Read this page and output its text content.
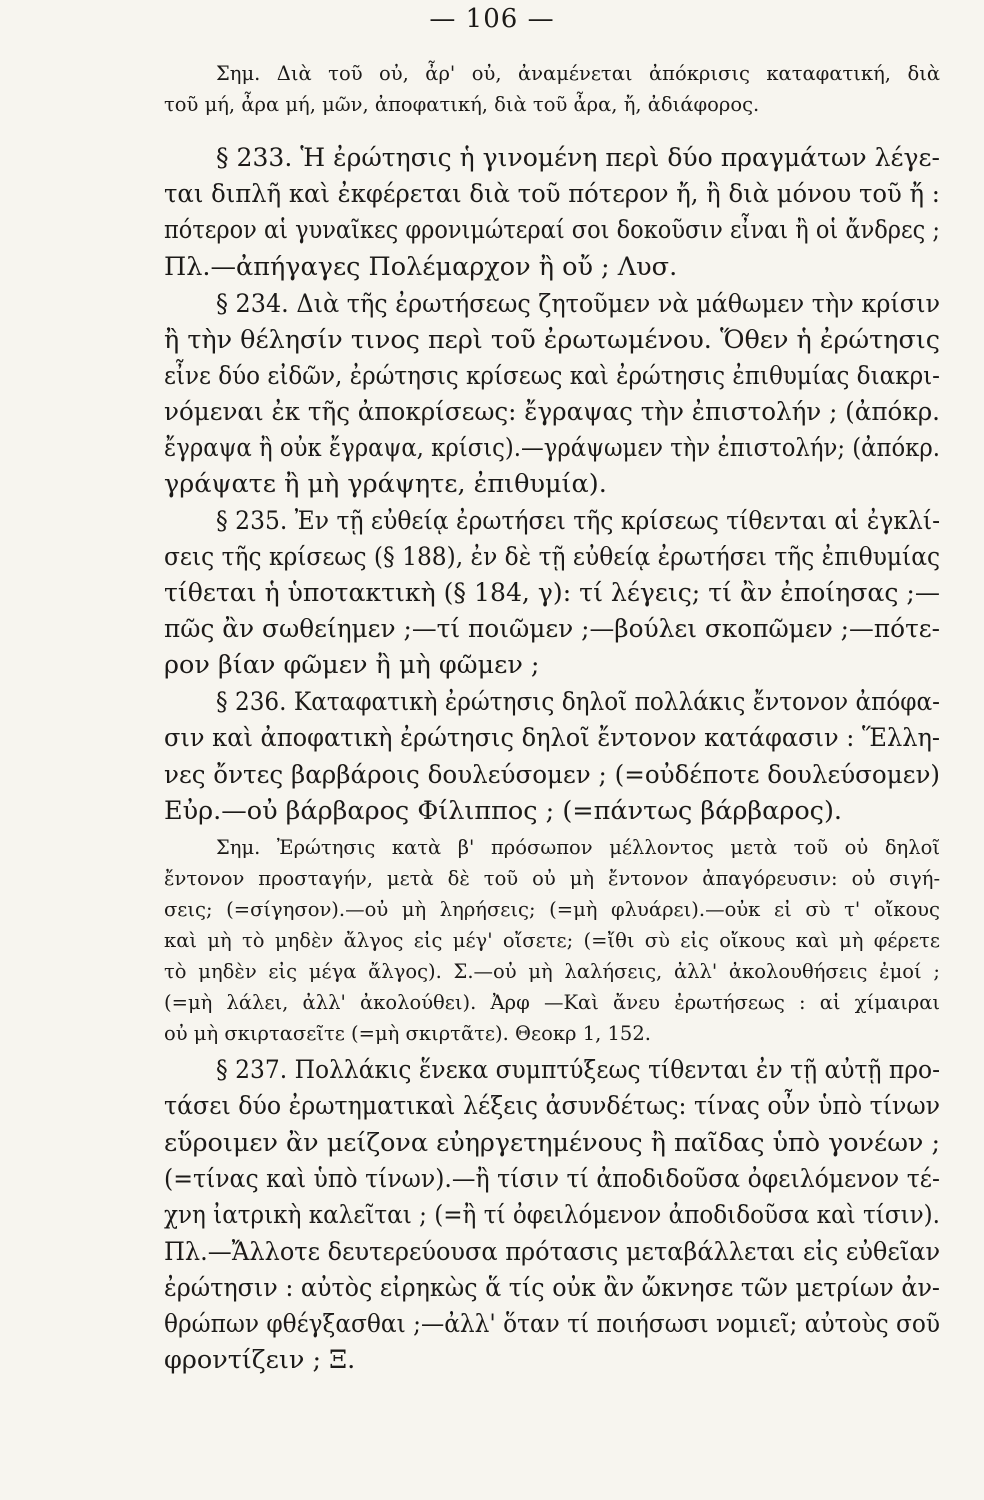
— 106 —
Σημ. Διὰ τοῦ οὐ, ἆρ' οὐ, ἀναμένεται ἀπόκρισις καταφατική, διὰ
τοῦ μή, ἆρα μή, μῶν, ἀποφατική, διὰ τοῦ ἆρα, ἤ, ἀδιάφορος.
§ 233. Ἡ ἐρώτησις ἡ γινομένη περὶ δύο πραγμάτων λέγε-
ται διπλῆ καὶ ἐκφέρεται διὰ τοῦ πότερον ἤ, ἢ διὰ μόνου τοῦ ἤ :
πότερον αἱ γυναῖκες φρονιμώτεραί σοι δοκοῦσιν εἶναι ἢ οἱ ἄνδρες ;
Πλ.—ἀπήγαγες Πολέμαρχον ἢ οὔ ; Λυσ.
§ 234. Διὰ τῆς ἐρωτήσεως ζητοῦμεν νὰ μάθωμεν τὴν κρίσιν
ἢ τὴν θέλησίν τινος περὶ τοῦ ἐρωτωμένου. Ὅθεν ἡ ἐρώτησις
εἶνε δύο εἰδῶν, ἐρώτησις κρίσεως καὶ ἐρώτησις ἐπιθυμίας διακρι-
νόμεναι ἐκ τῆς ἀποκρίσεως: ἔγραψας τὴν ἐπιστολήν ; (ἀπόκρ.
ἔγραψα ἢ οὐκ ἔγραψα, κρίσις).—γράψωμεν τὴν ἐπιστολήν; (ἀπόκρ.
γράψατε ἢ μὴ γράψητε, ἐπιθυμία).
§ 235. Ἐν τῇ εὐθείᾳ ἐρωτήσει τῆς κρίσεως τίθενται αἱ ἐγκλί-
σεις τῆς κρίσεως (§ 188), ἐν δὲ τῇ εὐθείᾳ ἐρωτήσει τῆς ἐπιθυμίας
τίθεται ἡ ὑποτακτικὴ (§ 184, γ): τί λέγεις; τί ἂν ἐποίησας ;—
πῶς ἂν σωθείημεν ;—τί ποιῶμεν ;—βούλει σκοπῶμεν ;—πότε-
ρον βίαν φῶμεν ἢ μὴ φῶμεν ;
§ 236. Καταφατικὴ ἐρώτησις δηλοῖ πολλάκις ἔντονον ἀπόφα-
σιν καὶ ἀποφατικὴ ἐρώτησις δηλοῖ ἔντονον κατάφασιν : Ἕλλη-
νες ὄντες βαρβάροις δουλεύσομεν ; (=οὐδέποτε δουλεύσομεν)
Εὐρ.—οὐ βάρβαρος Φίλιππος ; (=πάντως βάρβαρος).
Σημ. Ἐρώτησις κατὰ β' πρόσωπον μέλλοντος μετὰ τοῦ οὐ δηλοῖ
ἔντονον προσταγήν, μετὰ δὲ τοῦ οὐ μὴ ἔντονον ἀπαγόρευσιν: οὐ σιγή-
σεις; (=σίγησον).—οὐ μὴ ληρήσεις; (=μὴ φλυάρει).—οὐκ εἰ σὺ τ' οἴκους
καὶ μὴ τὸ μηδὲν ἄλγος εἰς μέγ' οἴσετε; (=ἴθι σὺ εἰς οἴκους καὶ μὴ φέρετε
τὸ μηδὲν εἰς μέγα ἄλγος). Σ.—οὐ μὴ λαλήσεις, ἀλλ' ἀκολουθήσεις ἐμοί ;
(=μὴ λάλει, ἀλλ' ἀκολούθει). Ἀρφ —Καὶ ἄνευ ἐρωτήσεως : αἱ χίμαιραι
οὐ μὴ σκιρτασεῖτε (=μὴ σκιρτᾶτε). Θεοκρ 1, 152.
§ 237. Πολλάκις ἕνεκα συμπτύξεως τίθενται ἐν τῇ αὐτῇ προ-
τάσει δύο ἐρωτηματικαὶ λέξεις ἀσυνδέτως: τίνας οὖν ὑπὸ τίνων
εὕροιμεν ἂν μείζονα εὐηργετημένους ἢ παῖδας ὑπὸ γονέων ;
(=τίνας καὶ ὑπὸ τίνων).—ἢ τίσιν τί ἀποδιδοῦσα ὀφειλόμενον τέ-
χνη ἰατρικὴ καλεῖται ; (=ἢ τί ὀφειλόμενον ἀποδιδοῦσα καὶ τίσιν).
Πλ.—Ἄλλοτε δευτερεύουσα πρότασις μεταβάλλεται εἰς εὐθεῖαν
ἐρώτησιν : αὐτὸς εἰρηκὼς ἅ τίς οὐκ ἂν ὤκνησε τῶν μετρίων ἀν-
θρώπων φθέγξασθαι ;—ἀλλ' ὅταν τί ποιήσωσι νομιεῖ; αὐτοὺς σοῦ
φροντίζειν ; Ξ.
